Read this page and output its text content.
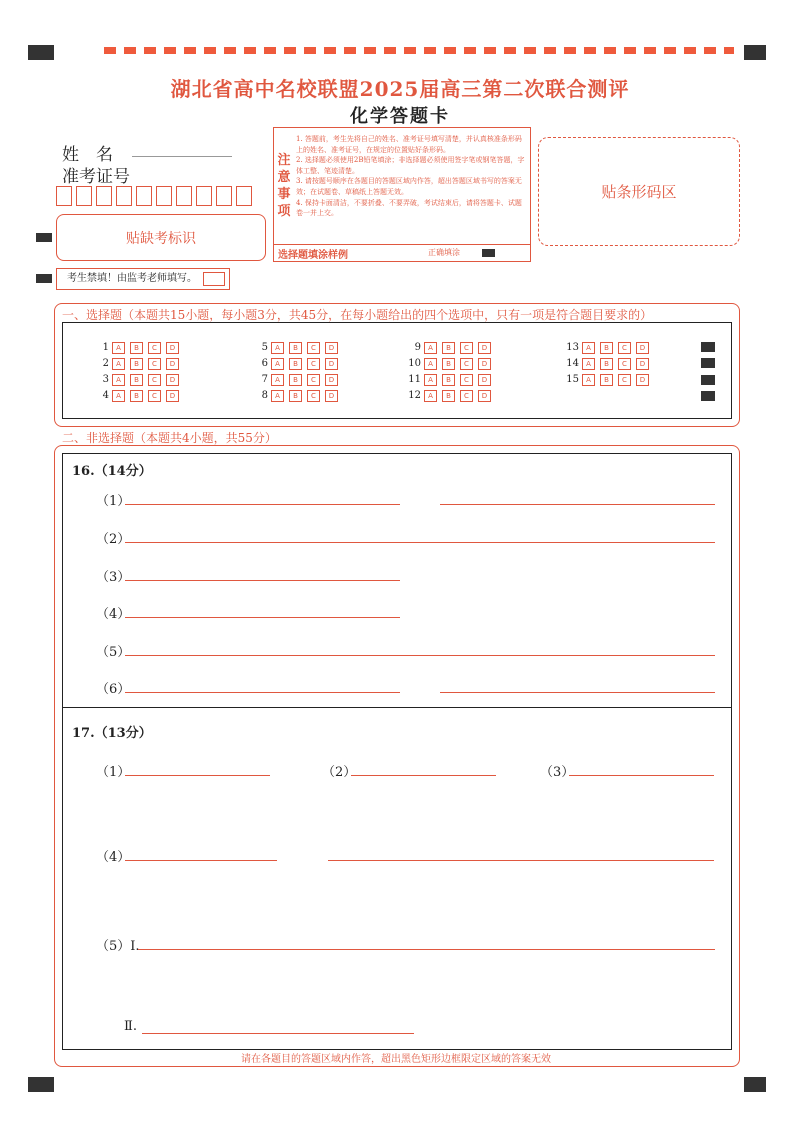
湖北省高中名校联盟2025届高三第二次联合测评
化学答题卡
姓　名
准考证号
贴缺考标识
考生禁填！由监考老师填写。
注
意
事
项
1. 答题前，考生先将自己的姓名、准考证号填写清楚，并认真核准条形码上的姓名、准考证号，在规定的位置贴好条形码。
2. 选择题必须使用2B铅笔填涂；非选择题必须使用签字笔或钢笔答题，字体工整、笔迹清楚。
3. 请按题号顺序在各题目的答题区域内作答，超出答题区域书写的答案无效；在试题卷、草稿纸上答题无效。
4. 保持卡面清洁，不要折叠、不要弄破，考试结束后，请将答题卡、试题卷一并上交。
选择题填涂样例	正确填涂
贴条形码区
一、选择题（本题共15小题，每小题3分，共45分，在每小题给出的四个选项中，只有一项是符合题目要求的）
1	A	B	C	D
2	A	B	C	D
3	A	B	C	D
4	A	B	C	D
5	A	B	C	D
6	A	B	C	D
7	A	B	C	D
8	A	B	C	D
9	A	B	C	D
10	A	B	C	D
11	A	B	C	D
12	A	B	C	D
13	A	B	C	D
14	A	B	C	D
15	A	B	C	D
二、非选择题（本题共4小题，共55分）
16.（14分）
（1）
（2）
（3）
（4）
（5）
（6）
17.（13分）
（1）	（2）	（3）
（4）
（5）Ⅰ.
Ⅱ.
请在各题目的答题区域内作答，超出黑色矩形边框限定区域的答案无效
